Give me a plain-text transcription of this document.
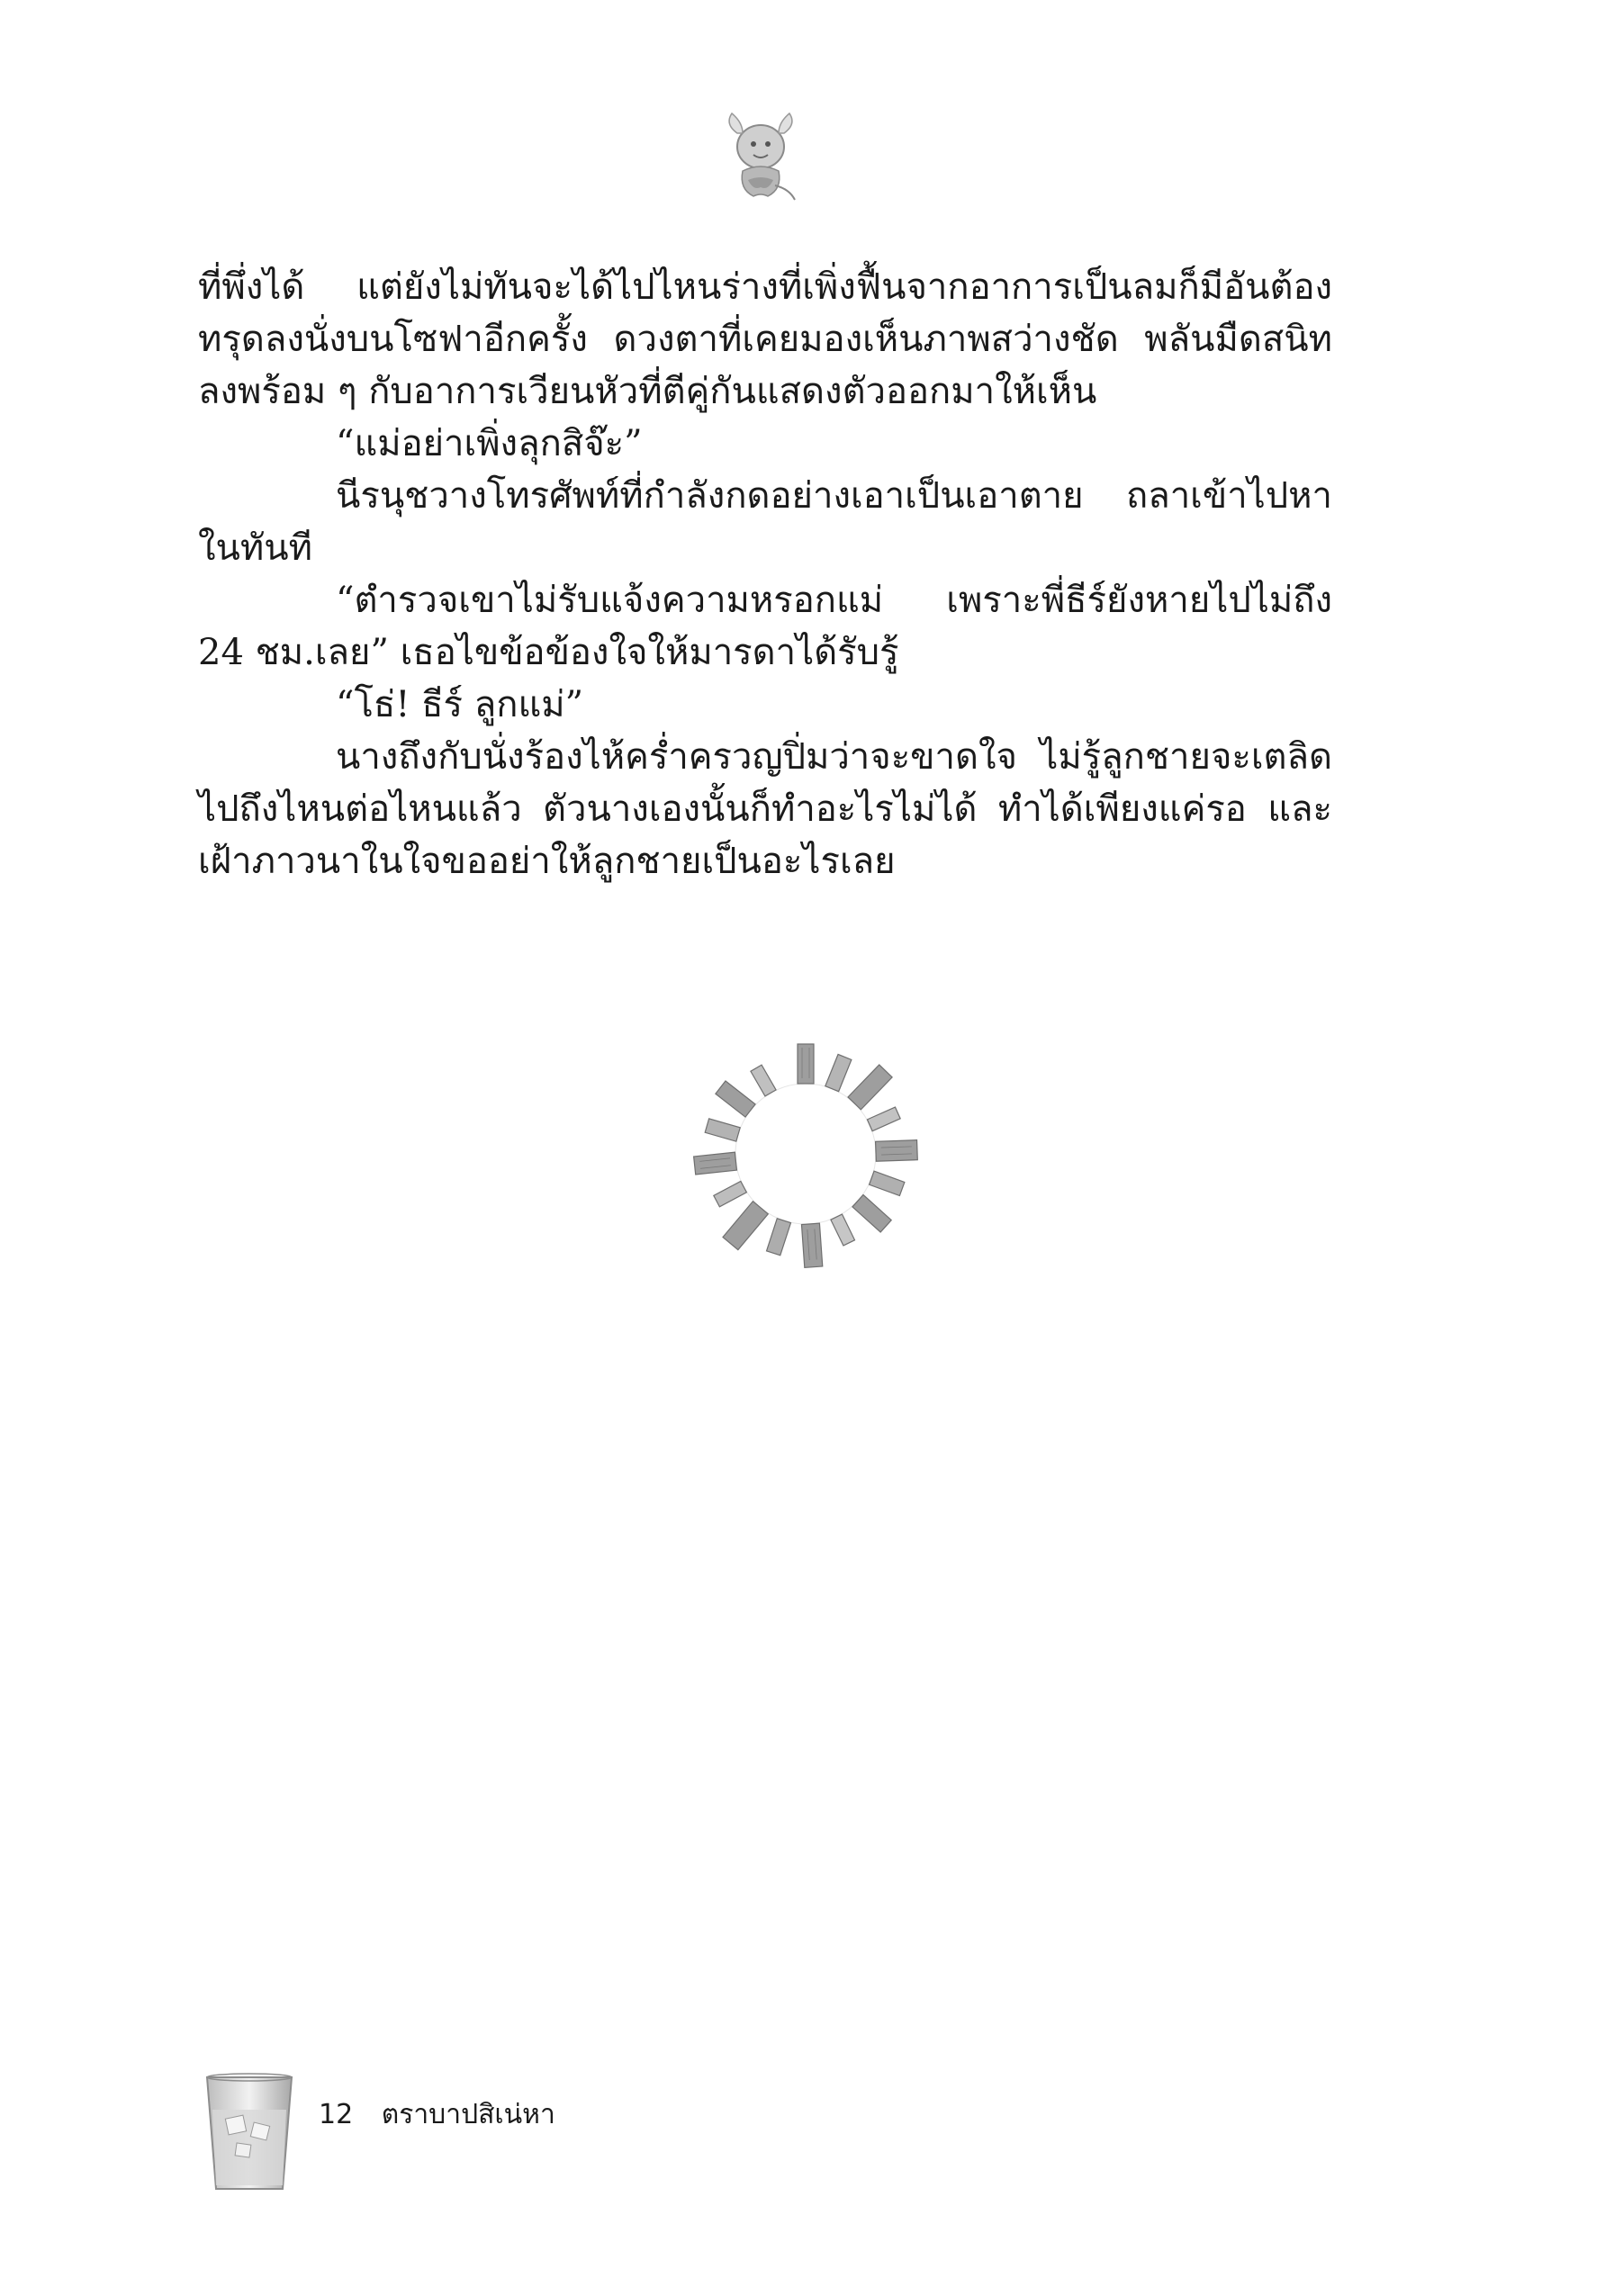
ที่พึ่งได้ แต่ยังไม่ทันจะได้ไปไหนร่างที่เพิ่งฟื้นจากอาการเป็นลมก็มีอันต้องทรุดลงนั่งบนโซฟาอีกครั้ง ดวงตาที่เคยมองเห็นภาพสว่างชัด พลันมืดสนิทลงพร้อม ๆ กับอาการเวียนหัวที่ตีคู่กันแสดงตัวออกมาให้เห็น

“แม่อย่าเพิ่งลุกสิจ๊ะ”

นีรนุชวางโทรศัพท์ที่กำลังกดอย่างเอาเป็นเอาตาย ถลาเข้าไปหาในทันที

“ตำรวจเขาไม่รับแจ้งความหรอกแม่ เพราะพี่ธีร์ยังหายไปไม่ถึง 24 ชม.เลย” เธอไขข้อข้องใจให้มารดาได้รับรู้

“โธ่! ธีร์ ลูกแม่”

นางถึงกับนั่งร้องไห้คร่ำครวญปิ่มว่าจะขาดใจ ไม่รู้ลูกชายจะเตลิดไปถึงไหนต่อไหนแล้ว ตัวนางเองนั้นก็ทำอะไรไม่ได้ ทำได้เพียงแค่รอ และเฝ้าภาวนาในใจขออย่าให้ลูกชายเป็นอะไรเลย

12 ตราบาปสิเน่หา
